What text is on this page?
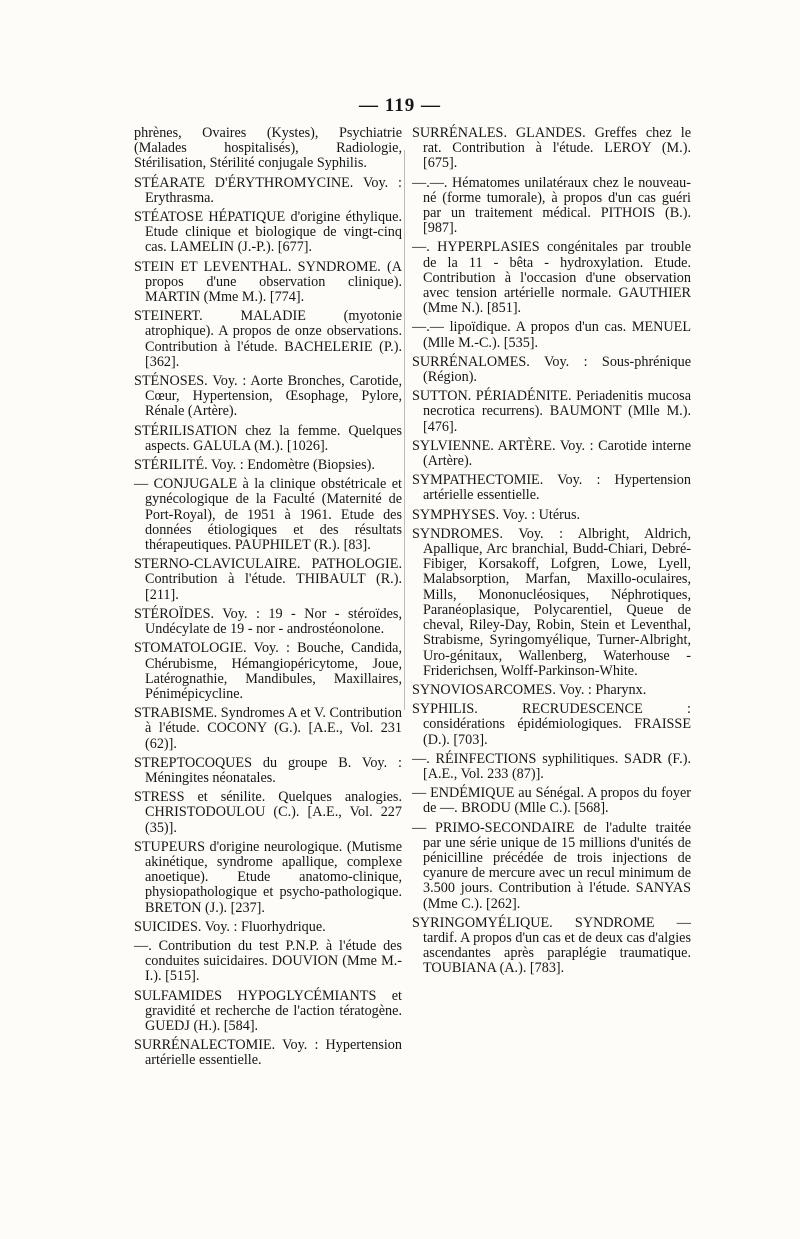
— 119 —

phrènes, Ovaires (Kystes), Psychiatrie (Malades hospitalisés), Radiologie, Stérilisation, Stérilité conjugale Syphilis.

STÉARATE D'ÉRYTHROMYCINE. Voy. : Erythrasma.

STÉATOSE HÉPATIQUE d'origine éthylique. Etude clinique et biologique de vingt-cinq cas. LAMELIN (J.-P.). [677].

STEIN ET LEVENTHAL. SYNDROME. (A propos d'une observation clinique). MARTIN (Mme M.). [774].

STEINERT. MALADIE (myotonie atrophique). A propos de onze observations. Contribution à l'étude. BACHELERIE (P.). [362].

STÉNOSES. Voy. : Aorte Bronches, Carotide, Cœur, Hypertension, Œsophage, Pylore, Rénale (Artère).

STÉRILISATION chez la femme. Quelques aspects. GALULA (M.). [1026].

STÉRILITÉ. Voy. : Endomètre (Biopsies).

— CONJUGALE à la clinique obstétricale et gynécologique de la Faculté (Maternité de Port-Royal), de 1951 à 1961. Etude des données étiologiques et des résultats thérapeutiques. PAUPHILET (R.). [83].

STERNO-CLAVICULAIRE. PATHOLOGIE. Contribution à l'étude. THIBAULT (R.). [211].

STÉROÏDES. Voy. : 19 - Nor - stéroïdes, Undécylate de 19 - nor - androstéonolone.

STOMATOLOGIE. Voy. : Bouche, Candida, Chérubisme, Hémangiopéricytome, Joue, Latérognathie, Mandibules, Maxillaires, Pénimépicycline.

STRABISME. Syndromes A et V. Contribution à l'étude. COCONY (G.). [A.E., Vol. 231 (62)].

STREPTOCOQUES du groupe B. Voy. : Méningites néonatales.

STRESS et sénilite. Quelques analogies. CHRISTODOULOU (C.). [A.E., Vol. 227 (35)].

STUPEURS d'origine neurologique. (Mutisme akinétique, syndrome apallique, complexe anoetique). Etude anatomo-clinique, physiopathologique et psycho-pathologique. BRETON (J.). [237].

SUICIDES. Voy. : Fluorhydrique.

—. Contribution du test P.N.P. à l'étude des conduites suicidaires. DOUVION (Mme M.-I.). [515].

SULFAMIDES HYPOGLYCÉMIANTS et gravidité et recherche de l'action tératogène. GUEDJ (H.). [584].

SURRÉNALECTOMIE. Voy. : Hypertension artérielle essentielle.

SURRÉNALES. GLANDES. Greffes chez le rat. Contribution à l'étude. LEROY (M.). [675].

—.—. Hématomes unilatéraux chez le nouveau-né (forme tumorale), à propos d'un cas guéri par un traitement médical. PITHOIS (B.). [987].

—. HYPERPLASIES congénitales par trouble de la 11 - bêta - hydroxylation. Etude. Contribution à l'occasion d'une observation avec tension artérielle normale. GAUTHIER (Mme N.). [851].

—.— lipoïdique. A propos d'un cas. MENUEL (Mlle M.-C.). [535].

SURRÉNALOMES. Voy. : Sous-phrénique (Région).

SUTTON. PÉRIADÉNITE. Periadenitis mucosa necrotica recurrens). BAUMONT (Mlle M.). [476].

SYLVIENNE. ARTÈRE. Voy. : Carotide interne (Artère).

SYMPATHECTOMIE. Voy. : Hypertension artérielle essentielle.

SYMPHYSES. Voy. : Utérus.

SYNDROMES. Voy. : Albright, Aldrich, Apallique, Arc branchial, Budd-Chiari, Debré-Fibiger, Korsakoff, Lofgren, Lowe, Lyell, Malabsorption, Marfan, Maxillo-oculaires, Mills, Mononucléosiques, Néphrotiques, Paranéoplasique, Polycarentiel, Queue de cheval, Riley-Day, Robin, Stein et Leventhal, Strabisme, Syringomyélique, Turner-Albright, Uro-génitaux, Wallenberg, Waterhouse - Friderichsen, Wolff-Parkinson-White.

SYNOVIOSARCOMES. Voy. : Pharynx.

SYPHILIS. RECRUDESCENCE : considérations épidémiologiques. FRAISSE (D.). [703].

—. RÉINFECTIONS syphilitiques. SADR (F.). [A.E., Vol. 233 (87)].

— ENDÉMIQUE au Sénégal. A propos du foyer de —. BRODU (Mlle C.). [568].

— PRIMO-SECONDAIRE de l'adulte traitée par une série unique de 15 millions d'unités de pénicilline précédée de trois injections de cyanure de mercure avec un recul minimum de 3.500 jours. Contribution à l'étude. SANYAS (Mme C.). [262].

SYRINGOMYÉLIQUE. SYNDROME — tardif. A propos d'un cas et de deux cas d'algies ascendantes après paraplégie traumatique. TOUBIANA (A.). [783].
